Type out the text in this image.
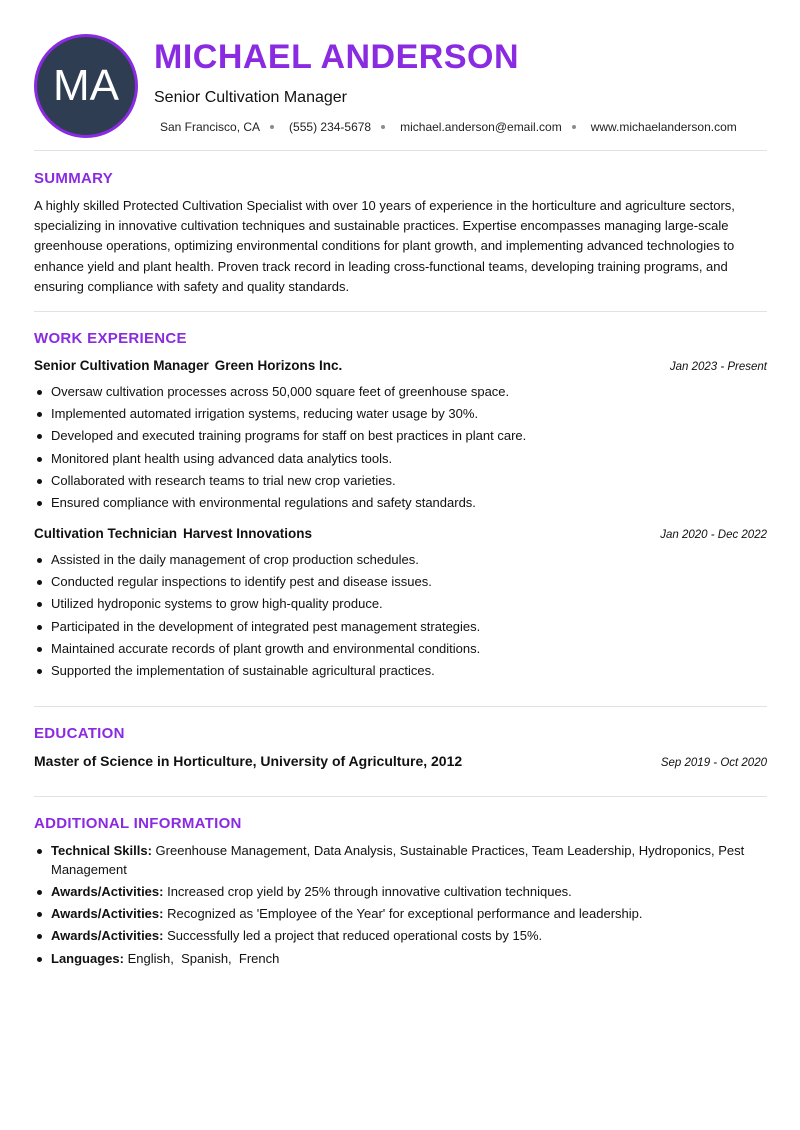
MA
MICHAEL ANDERSON
Senior Cultivation Manager
San Francisco, CA (555) 234-5678 michael.anderson@email.com www.michaelanderson.com
SUMMARY

A highly skilled Protected Cultivation Specialist with over 10 years of experience in the horticulture and agriculture sectors, specializing in innovative cultivation techniques and sustainable practices. Expertise encompasses managing large-scale greenhouse operations, optimizing environmental conditions for plant growth, and implementing advanced technologies to enhance yield and plant health. Proven track record in leading cross-functional teams, developing training programs, and ensuring compliance with safety and quality standards.

WORK EXPERIENCE
Senior Cultivation Manager Green Horizons Inc.	Jan 2023 - Present
Oversaw cultivation processes across 50,000 square feet of greenhouse space.
Implemented automated irrigation systems, reducing water usage by 30%.
Developed and executed training programs for staff on best practices in plant care.
Monitored plant health using advanced data analytics tools.
Collaborated with research teams to trial new crop varieties.
Ensured compliance with environmental regulations and safety standards.
Cultivation Technician Harvest Innovations	Jan 2020 - Dec 2022
Assisted in the daily management of crop production schedules.
Conducted regular inspections to identify pest and disease issues.
Utilized hydroponic systems to grow high-quality produce.
Participated in the development of integrated pest management strategies.
Maintained accurate records of plant growth and environmental conditions.
Supported the implementation of sustainable agricultural practices.
EDUCATION
Master of Science in Horticulture, University of Agriculture, 2012	Sep 2019 - Oct 2020
ADDITIONAL INFORMATION
Technical Skills: Greenhouse Management, Data Analysis, Sustainable Practices, Team Leadership, Hydroponics, Pest Management
Awards/Activities: Increased crop yield by 25% through innovative cultivation techniques.
Awards/Activities: Recognized as 'Employee of the Year' for exceptional performance and leadership.
Awards/Activities: Successfully led a project that reduced operational costs by 15%.
Languages: English,  Spanish,  French
